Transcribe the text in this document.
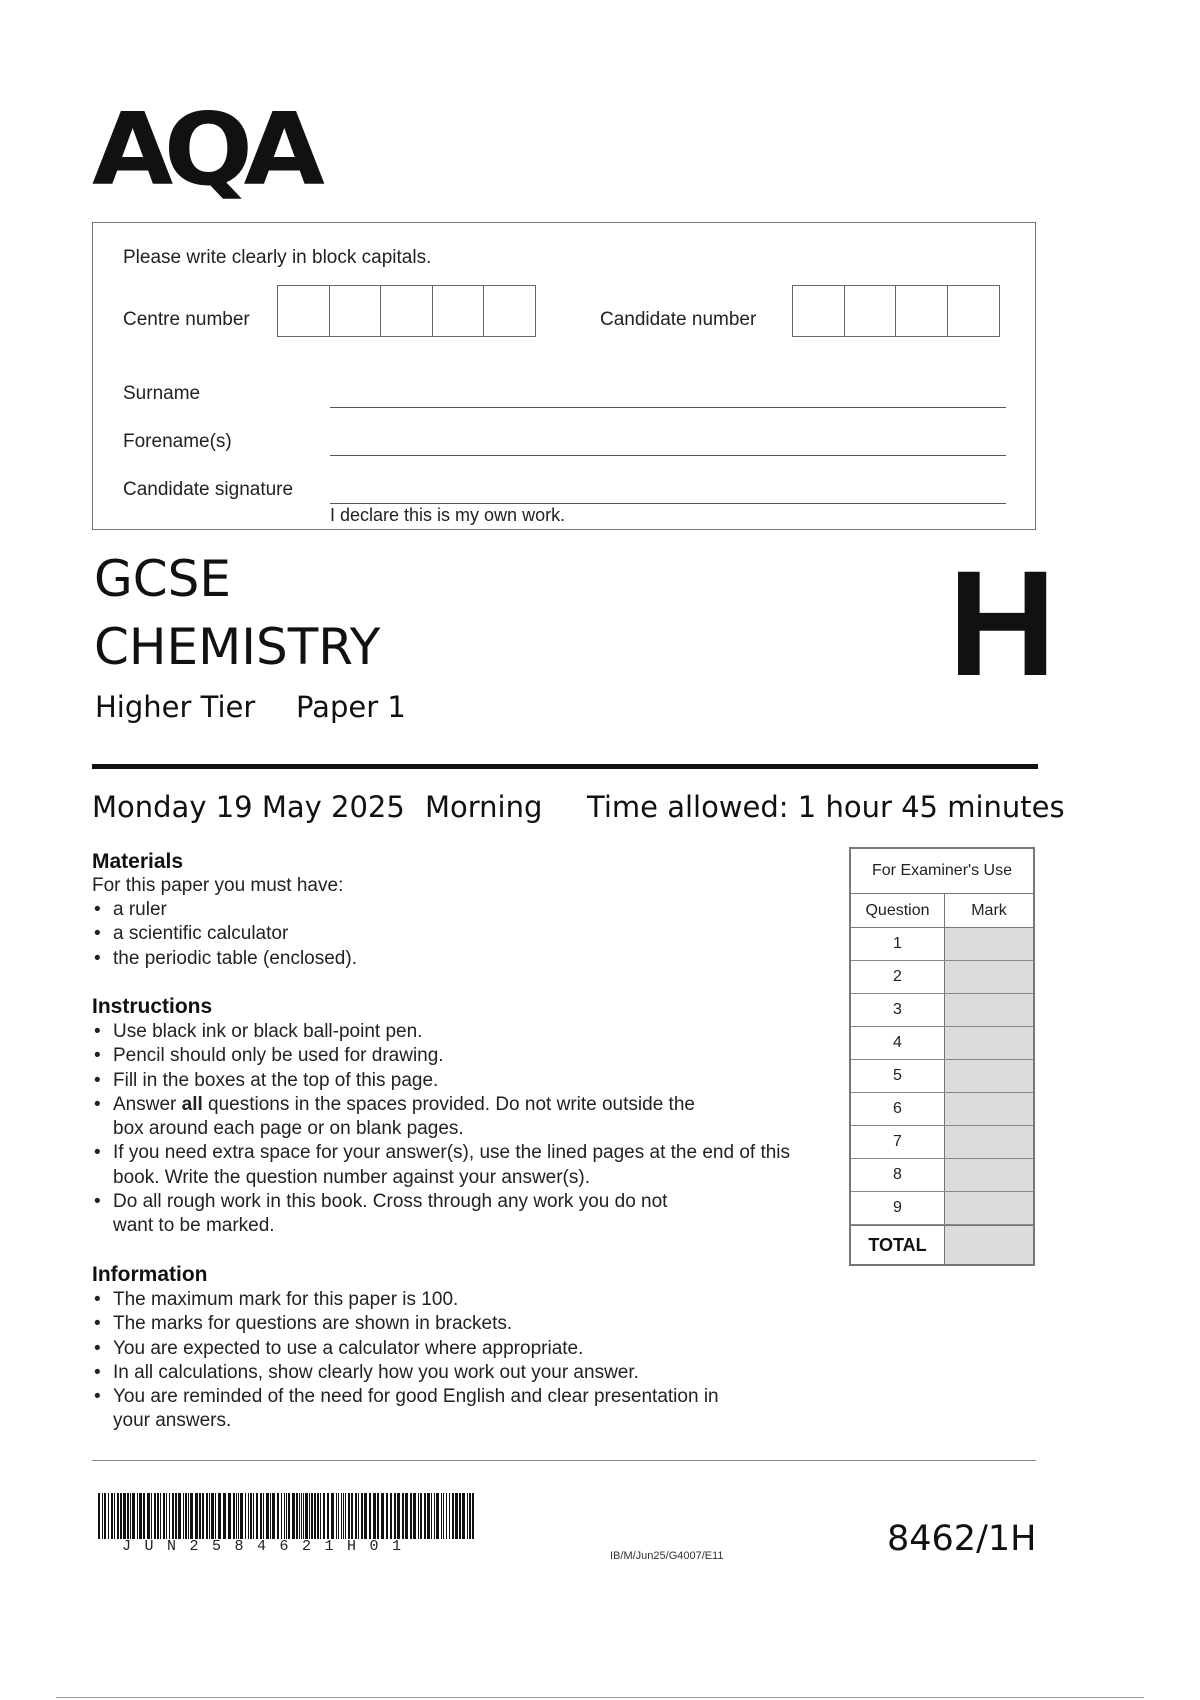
AQA
Please write clearly in block capitals.
Centre number	Candidate number
Surname
Forename(s)
Candidate signature
I declare this is my own work.
GCSE
CHEMISTRY
Higher Tier Paper 1	H
Monday 19 May 2025 Morning Time allowed: 1 hour 45 minutes
Materials
For this paper you must have:
• a ruler
• a scientific calculator
• the periodic table (enclosed).
Instructions
• Use black ink or black ball-point pen.
• Pencil should only be used for drawing.
• Fill in the boxes at the top of this page.
• Answer all questions in the spaces provided. Do not write outside the box around each page or on blank pages.
• If you need extra space for your answer(s), use the lined pages at the end of this book. Write the question number against your answer(s).
• Do all rough work in this book. Cross through any work you do not want to be marked.
Information
• The maximum mark for this paper is 100.
• The marks for questions are shown in brackets.
• You are expected to use a calculator where appropriate.
• In all calculations, show clearly how you work out your answer.
• You are reminded of the need for good English and clear presentation in your answers.
For Examiner's Use
Question	Mark
1
2
3
4
5
6
7
8
9
TOTAL
JUN2584621H01
IB/M/Jun25/G4007/E11	8462/1H
